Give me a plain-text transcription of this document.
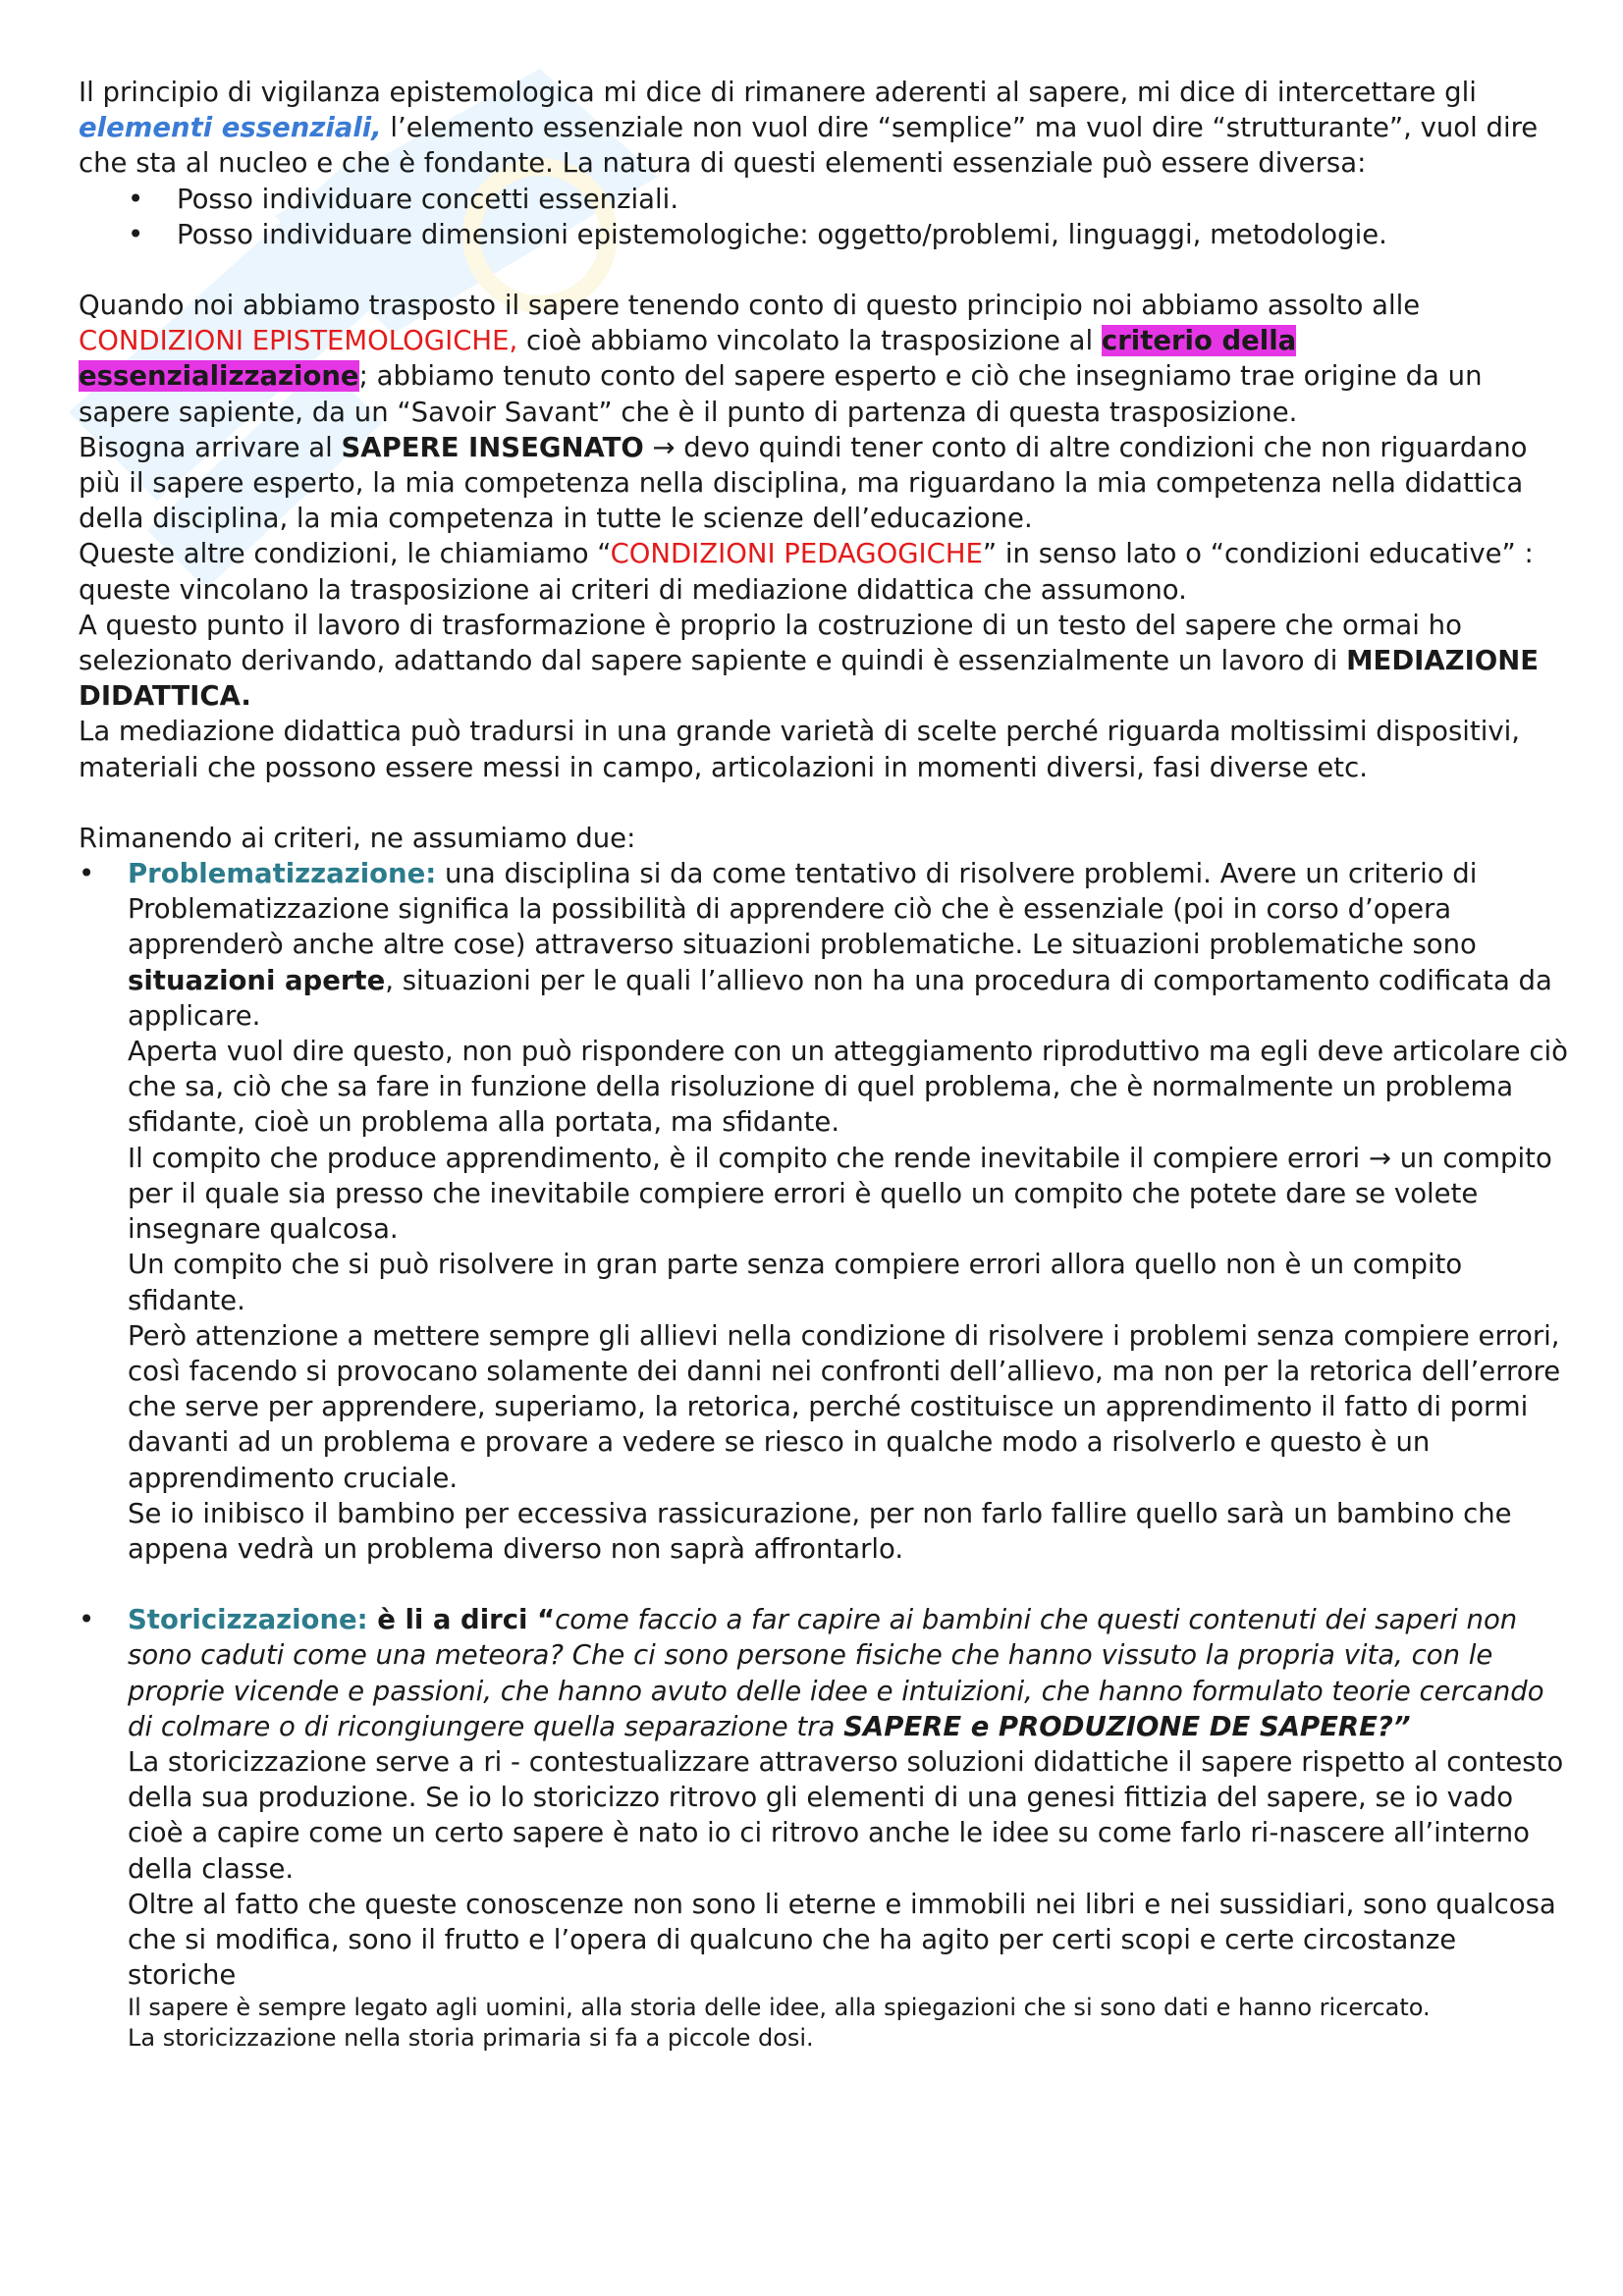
Il principio di vigilanza epistemologica mi dice di rimanere aderenti al sapere, mi dice di intercettare gli elementi essenziali, l’elemento essenziale non vuol dire “semplice” ma vuol dire “strutturante”, vuol dire che sta al nucleo e che è fondante. La natura di questi elementi essenziale può essere diversa:

• Posso individuare concetti essenziali.
• Posso individuare dimensioni epistemologiche: oggetto/problemi, linguaggi, metodologie.

Quando noi abbiamo trasposto il sapere tenendo conto di questo principio noi abbiamo assolto alle CONDIZIONI EPISTEMOLOGICHE, cioè abbiamo vincolato la trasposizione al criterio della essenzializzazione; abbiamo tenuto conto del sapere esperto e ciò che insegniamo trae origine da un sapere sapiente, da un “Savoir Savant” che è il punto di partenza di questa trasposizione.

Bisogna arrivare al SAPERE INSEGNATO → devo quindi tener conto di altre condizioni che non riguardano più il sapere esperto, la mia competenza nella disciplina, ma riguardano la mia competenza nella didattica della disciplina, la mia competenza in tutte le scienze dell’educazione.

Queste altre condizioni, le chiamiamo “CONDIZIONI PEDAGOGICHE” in senso lato o “condizioni educative” : queste vincolano la trasposizione ai criteri di mediazione didattica che assumono.

A questo punto il lavoro di trasformazione è proprio la costruzione di un testo del sapere che ormai ho selezionato derivando, adattando dal sapere sapiente e quindi è essenzialmente un lavoro di MEDIAZIONE DIDATTICA.

La mediazione didattica può tradursi in una grande varietà di scelte perché riguarda moltissimi dispositivi, materiali che possono essere messi in campo, articolazioni in momenti diversi, fasi diverse etc.

Rimanendo ai criteri, ne assumiamo due:

• Problematizzazione: una disciplina si da come tentativo di risolvere problemi. Avere un criterio di Problematizzazione significa la possibilità di apprendere ciò che è essenziale (poi in corso d’opera apprenderò anche altre cose) attraverso situazioni problematiche. Le situazioni problematiche sono situazioni aperte, situazioni per le quali l’allievo non ha una procedura di comportamento codificata da applicare.

Aperta vuol dire questo, non può rispondere con un atteggiamento riproduttivo ma egli deve articolare ciò che sa, ciò che sa fare in funzione della risoluzione di quel problema, che è normalmente un problema sfidante, cioè un problema alla portata, ma sfidante.

Il compito che produce apprendimento, è il compito che rende inevitabile il compiere errori → un compito per il quale sia presso che inevitabile compiere errori è quello un compito che potete dare se volete insegnare qualcosa.

Un compito che si può risolvere in gran parte senza compiere errori allora quello non è un compito sfidante.

Però attenzione a mettere sempre gli allievi nella condizione di risolvere i problemi senza compiere errori, così facendo si provocano solamente dei danni nei confronti dell’allievo, ma non per la retorica dell’errore che serve per apprendere, superiamo, la retorica, perché costituisce un apprendimento il fatto di pormi davanti ad un problema e provare a vedere se riesco in qualche modo a risolverlo e questo è un apprendimento cruciale.

Se io inibisco il bambino per eccessiva rassicurazione, per non farlo fallire quello sarà un bambino che appena vedrà un problema diverso non saprà affrontarlo.

• Storicizzazione: è li a dirci “come faccio a far capire ai bambini che questi contenuti dei saperi non sono caduti come una meteora? Che ci sono persone fisiche che hanno vissuto la propria vita, con le proprie vicende e passioni, che hanno avuto delle idee e intuizioni, che hanno formulato teorie cercando di colmare o di ricongiungere quella separazione tra SAPERE e PRODUZIONE DE SAPERE?”

La storicizzazione serve a ri - contestualizzare attraverso soluzioni didattiche il sapere rispetto al contesto della sua produzione. Se io lo storicizzo ritrovo gli elementi di una genesi fittizia del sapere, se io vado cioè a capire come un certo sapere è nato io ci ritrovo anche le idee su come farlo ri-nascere all’interno della classe.

Oltre al fatto che queste conoscenze non sono li eterne e immobili nei libri e nei sussidiari, sono qualcosa che si modifica, sono il frutto e l’opera di qualcuno che ha agito per certi scopi e certe circostanze storiche

Il sapere è sempre legato agli uomini, alla storia delle idee, alla spiegazioni che si sono dati e hanno ricercato.

La storicizzazione nella storia primaria si fa a piccole dosi.
